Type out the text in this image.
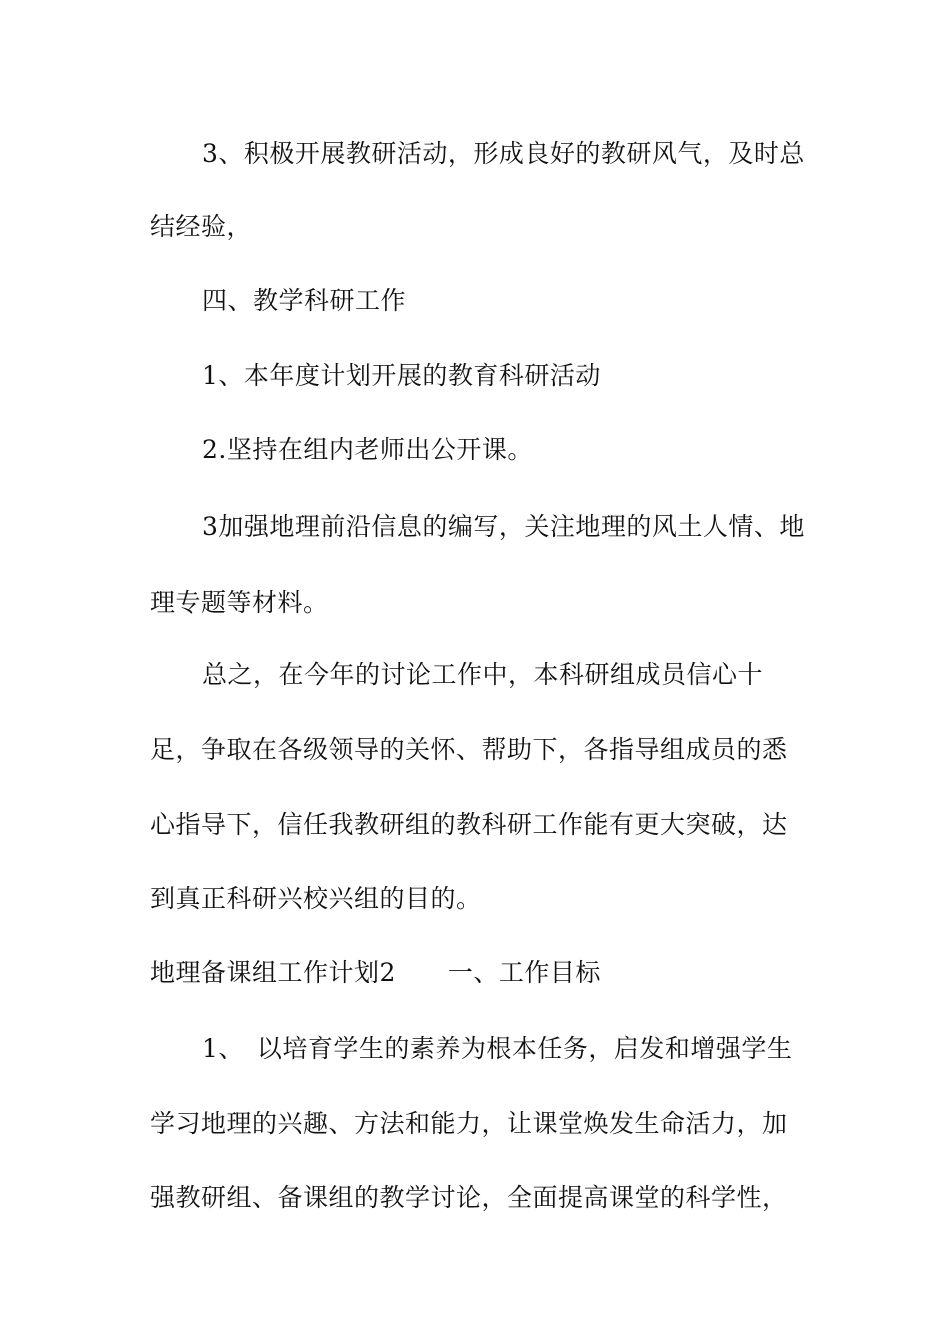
3、积极开展教研活动，形成良好的教研风气，及时总
结经验，
四、教学科研工作
1、本年度计划开展的教育科研活动
2.坚持在组内老师出公开课。
3加强地理前沿信息的编写，关注地理的风土人情、地
理专题等材料。
总之，在今年的讨论工作中，本科研组成员信心十
足，争取在各级领导的关怀、帮助下，各指导组成员的悉
心指导下，信任我教研组的教科研工作能有更大突破，达
到真正科研兴校兴组的目的。
地理备课组工作计划2 一、工作目标
1、　以培育学生的素养为根本任务，启发和增强学生
学习地理的兴趣、方法和能力，让课堂焕发生命活力，加
强教研组、备课组的教学讨论，全面提高课堂的科学性，
